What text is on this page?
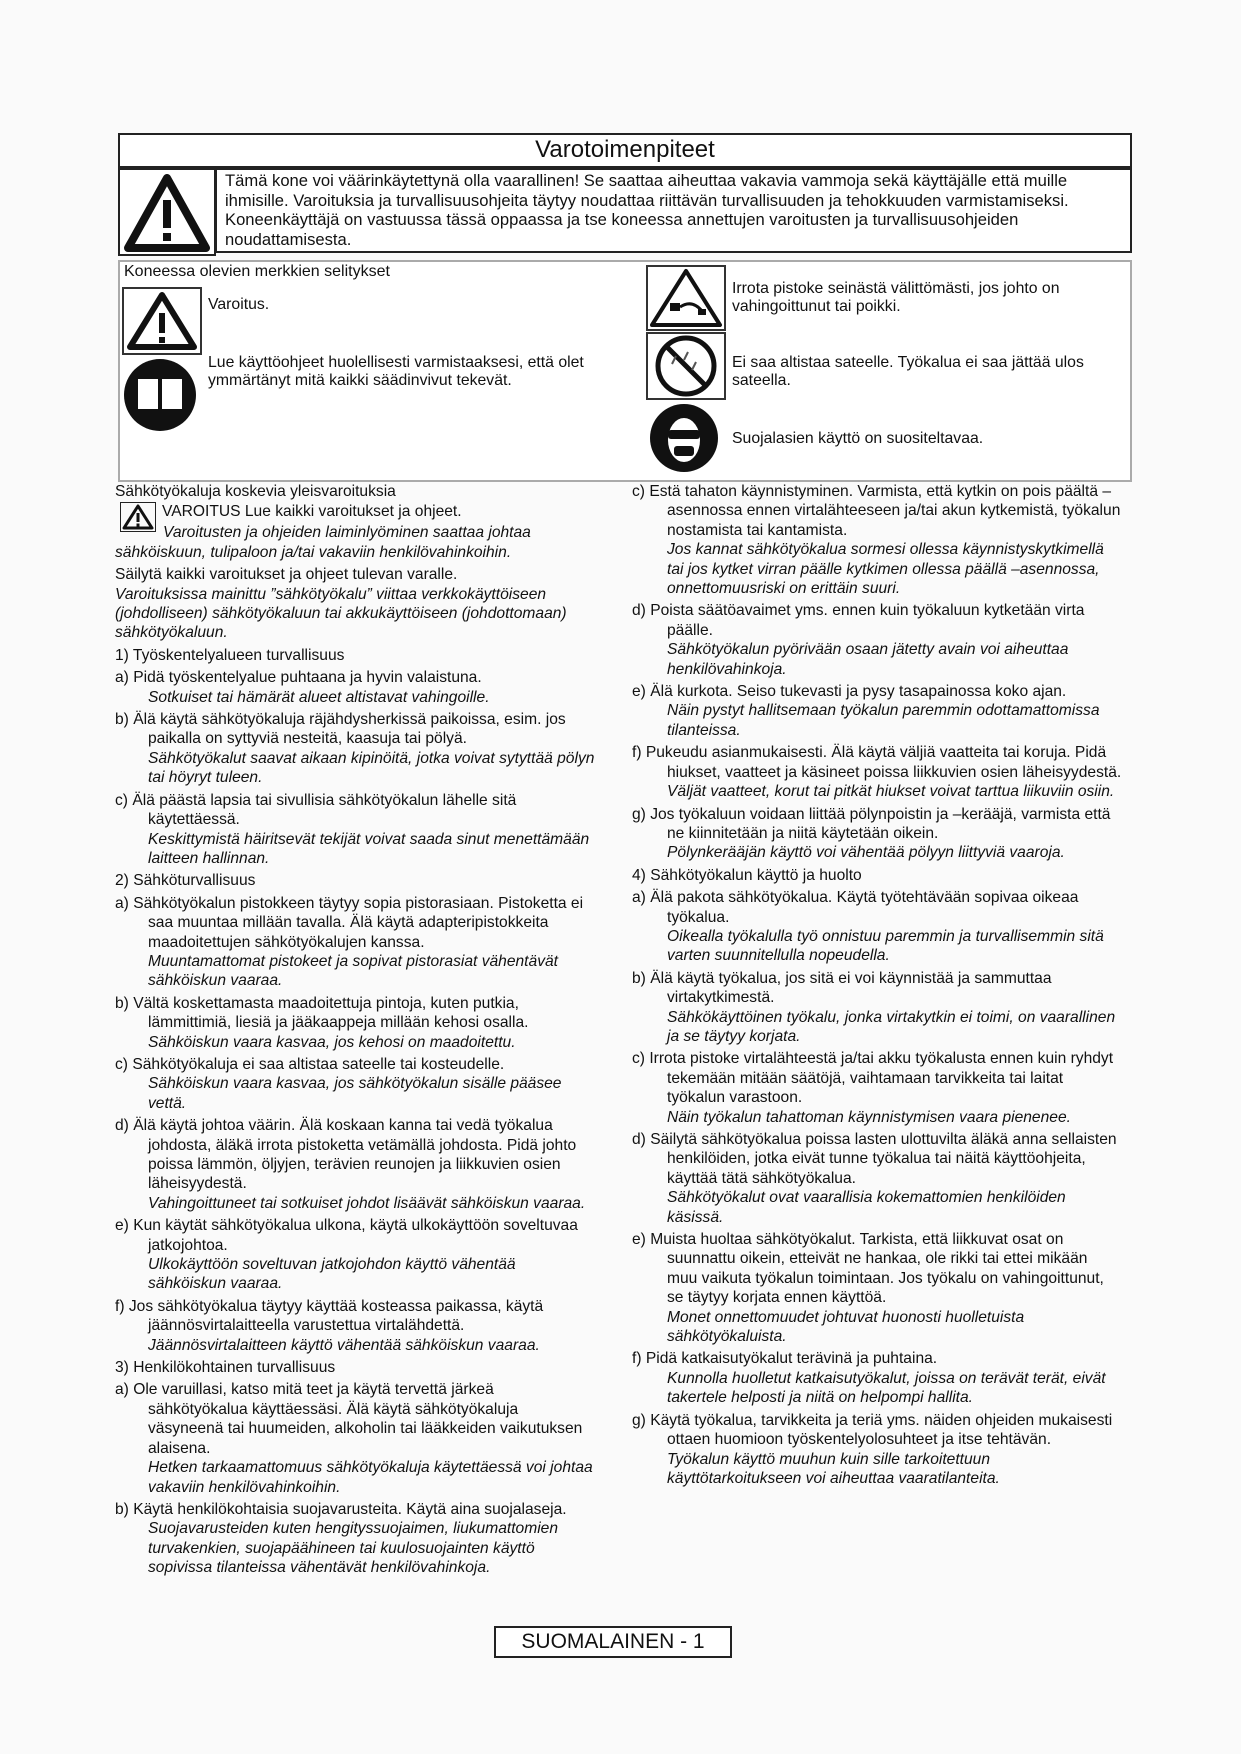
Varotoimenpiteet
Tämä kone voi väärinkäytettynä olla vaarallinen! Se saattaa aiheuttaa vakavia vammoja sekä käyttäjälle että muille ihmisille. Varoituksia ja turvallisuusohjeita täytyy noudattaa riittävän turvallisuuden ja tehokkuuden varmistamiseksi. Koneenkäyttäjä on vastuussa tässä oppaassa ja tse koneessa annettujen varoitusten ja turvallisuusohjeiden noudattamisesta.
Koneessa olevien merkkien selitykset
Varoitus.
Lue käyttöohjeet huolellisesti varmistaaksesi, että olet ymmärtänyt mitä kaikki säädinvivut tekevät.
Irrota pistoke seinästä välittömästi, jos johto on vahingoittunut tai poikki.
Ei saa altistaa sateelle. Työkalua ei saa jättää ulos sateella.
Suojalasien käyttö on suositeltavaa.

Sähkötyökaluja koskevia yleisvaroituksia

VAROITUS Lue kaikki varoitukset ja ohjeet.

Varoitusten ja ohjeiden laiminlyöminen saattaa johtaa sähköiskuun, tulipaloon ja/tai vakaviin henkilövahinkoihin.

Säilytä kaikki varoitukset ja ohjeet tulevan varalle.

Varoituksissa mainittu ”sähkötyökalu” viittaa verkkokäyttöiseen (johdolliseen) sähkötyökaluun tai akkukäyttöiseen (johdottomaan) sähkötyökaluun.

1) Työskentelyalueen turvallisuus

a) Pidä työskentelyalue puhtaana ja hyvin valaistuna.

Sotkuiset tai hämärät alueet altistavat vahingoille.

b) Älä käytä sähkötyökaluja räjähdysherkissä paikoissa, esim. jos paikalla on syttyviä nesteitä, kaasuja tai pölyä.

Sähkötyökalut saavat aikaan kipinöitä, jotka voivat sytyttää pölyn tai höyryt tuleen.

c) Älä päästä lapsia tai sivullisia sähkötyökalun lähelle sitä käytettäessä.

Keskittymistä häiritsevät tekijät voivat saada sinut menettämään laitteen hallinnan.

2) Sähköturvallisuus

a) Sähkötyökalun pistokkeen täytyy sopia pistorasiaan. Pistoketta ei saa muuntaa millään tavalla. Älä käytä adapteripistokkeita maadoitettujen sähkötyökalujen kanssa.

Muuntamattomat pistokeet ja sopivat pistorasiat vähentävät sähköiskun vaaraa.

b) Vältä koskettamasta maadoitettuja pintoja, kuten putkia, lämmittimiä, liesiä ja jääkaappeja millään kehosi osalla.

Sähköiskun vaara kasvaa, jos kehosi on maadoitettu.

c) Sähkötyökaluja ei saa altistaa sateelle tai kosteudelle.

Sähköiskun vaara kasvaa, jos sähkötyökalun sisälle pääsee vettä.

d) Älä käytä johtoa väärin. Älä koskaan kanna tai vedä työkalua johdosta, äläkä irrota pistoketta vetämällä johdosta. Pidä johto poissa lämmön, öljyjen, terävien reunojen ja liikkuvien osien läheisyydestä.

Vahingoittuneet tai sotkuiset johdot lisäävät sähköiskun vaaraa.

e) Kun käytät sähkötyökalua ulkona, käytä ulkokäyttöön soveltuvaa jatkojohtoa.

Ulkokäyttöön soveltuvan jatkojohdon käyttö vähentää sähköiskun vaaraa.

f) Jos sähkötyökalua täytyy käyttää kosteassa paikassa, käytä jäännösvirtalaitteella varustettua virtalähdettä.

Jäännösvirtalaitteen käyttö vähentää sähköiskun vaaraa.

3) Henkilökohtainen turvallisuus

a) Ole varuillasi, katso mitä teet ja käytä tervettä järkeä sähkötyökalua käyttäessäsi. Älä käytä sähkötyökaluja väsyneenä tai huumeiden, alkoholin tai lääkkeiden vaikutuksen alaisena.

Hetken tarkaamattomuus sähkötyökaluja käytettäessä voi johtaa vakaviin henkilövahinkoihin.

b) Käytä henkilökohtaisia suojavarusteita. Käytä aina suojalaseja.

Suojavarusteiden kuten hengityssuojaimen, liukumattomien turvakenkien, suojapäähineen tai kuulosuojainten käyttö sopivissa tilanteissa vähentävät henkilövahinkoja.

c) Estä tahaton käynnistyminen. Varmista, että kytkin on pois päältä –asennossa ennen virtalähteeseen ja/tai akun kytkemistä, työkalun nostamista tai kantamista.

Jos kannat sähkötyökalua sormesi ollessa käynnistyskytkimellä tai jos kytket virran päälle kytkimen ollessa päällä –asennossa, onnettomuusriski on erittäin suuri.

d) Poista säätöavaimet yms. ennen kuin työkaluun kytketään virta päälle.

Sähkötyökalun pyörivään osaan jätetty avain voi aiheuttaa henkilövahinkoja.

e) Älä kurkota. Seiso tukevasti ja pysy tasapainossa koko ajan.

Näin pystyt hallitsemaan työkalun paremmin odottamattomissa tilanteissa.

f) Pukeudu asianmukaisesti. Älä käytä väljiä vaatteita tai koruja. Pidä hiukset, vaatteet ja käsineet poissa liikkuvien osien läheisyydestä.

Väljät vaatteet, korut tai pitkät hiukset voivat tarttua liikuviin osiin.

g) Jos työkaluun voidaan liittää pölynpoistin ja –kerääjä, varmista että ne kiinnitetään ja niitä käytetään oikein.

Pölynkerääjän käyttö voi vähentää pölyyn liittyviä vaaroja.

4) Sähkötyökalun käyttö ja huolto

a) Älä pakota sähkötyökalua. Käytä työtehtävään sopivaa oikeaa työkalua.

Oikealla työkalulla työ onnistuu paremmin ja turvallisemmin sitä varten suunnitellulla nopeudella.

b) Älä käytä työkalua, jos sitä ei voi käynnistää ja sammuttaa virtakytkimestä.

Sähkökäyttöinen työkalu, jonka virtakytkin ei toimi, on vaarallinen ja se täytyy korjata.

c) Irrota pistoke virtalähteestä ja/tai akku työkalusta ennen kuin ryhdyt tekemään mitään säätöjä, vaihtamaan tarvikkeita tai laitat työkalun varastoon.

Näin työkalun tahattoman käynnistymisen vaara pienenee.

d) Säilytä sähkötyökalua poissa lasten ulottuvilta äläkä anna sellaisten henkilöiden, jotka eivät tunne työkalua tai näitä käyttöohjeita, käyttää tätä sähkötyökalua.

Sähkötyökalut ovat vaarallisia kokemattomien henkilöiden käsissä.

e) Muista huoltaa sähkötyökalut. Tarkista, että liikkuvat osat on suunnattu oikein, etteivät ne hankaa, ole rikki tai ettei mikään muu vaikuta työkalun toimintaan. Jos työkalu on vahingoittunut, se täytyy korjata ennen käyttöä.

Monet onnettomuudet johtuvat huonosti huolletuista sähkötyökaluista.

f) Pidä katkaisutyökalut terävinä ja puhtaina.

Kunnolla huolletut katkaisutyökalut, joissa on terävät terät, eivät takertele helposti ja niitä on helpompi hallita.

g) Käytä työkalua, tarvikkeita ja teriä yms. näiden ohjeiden mukaisesti ottaen huomioon työskentelyolosuhteet ja itse tehtävän.

Työkalun käyttö muuhun kuin sille tarkoitettuun käyttötarkoitukseen voi aiheuttaa vaaratilanteita.

SUOMALAINEN - 1
